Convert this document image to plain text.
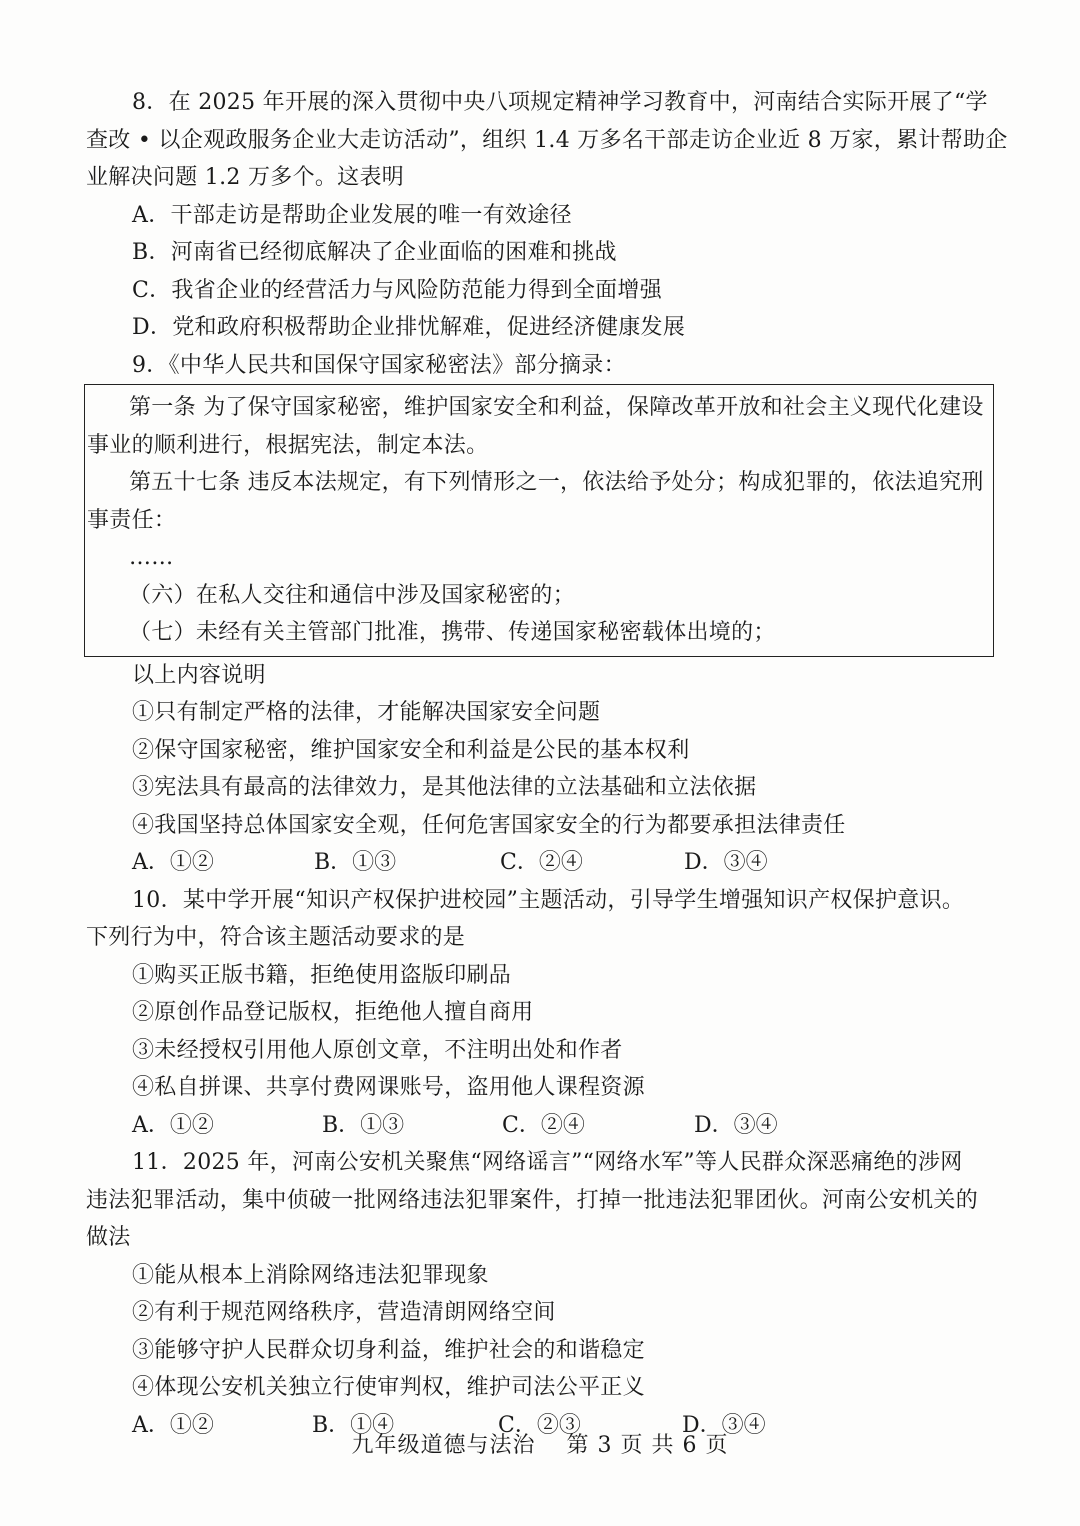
8．在 2025 年开展的深入贯彻中央八项规定精神学习教育中，河南结合实际开展了“学
查改 • 以企观政服务企业大走访活动”，组织 1.4 万多名干部走访企业近 8 万家，累计帮助企
业解决问题 1.2 万多个。这表明
A．干部走访是帮助企业发展的唯一有效途径
B．河南省已经彻底解决了企业面临的困难和挑战
C．我省企业的经营活力与风险防范能力得到全面增强
D．党和政府积极帮助企业排忧解难，促进经济健康发展
9．《中华人民共和国保守国家秘密法》部分摘录：
第一条 为了保守国家秘密，维护国家安全和利益，保障改革开放和社会主义现代化建设
事业的顺利进行，根据宪法，制定本法。
第五十七条 违反本法规定，有下列情形之一，依法给予处分；构成犯罪的，依法追究刑
事责任：
……
（六）在私人交往和通信中涉及国家秘密的；
（七）未经有关主管部门批准，携带、传递国家秘密载体出境的；
以上内容说明
①只有制定严格的法律，才能解决国家安全问题
②保守国家秘密，维护国家安全和利益是公民的基本权利
③宪法具有最高的法律效力，是其他法律的立法基础和立法依据
④我国坚持总体国家安全观，任何危害国家安全的行为都要承担法律责任
A．①②	B．①③	C．②④	D．③④
10．某中学开展“知识产权保护进校园”主题活动，引导学生增强知识产权保护意识。
下列行为中，符合该主题活动要求的是
①购买正版书籍，拒绝使用盗版印刷品
②原创作品登记版权，拒绝他人擅自商用
③未经授权引用他人原创文章，不注明出处和作者
④私自拼课、共享付费网课账号，盗用他人课程资源
A．①②	B．①③	C．②④	D．③④
11．2025 年，河南公安机关聚焦“网络谣言”“网络水军”等人民群众深恶痛绝的涉网
违法犯罪活动，集中侦破一批网络违法犯罪案件，打掉一批违法犯罪团伙。河南公安机关的
做法
①能从根本上消除网络违法犯罪现象
②有利于规范网络秩序，营造清朗网络空间
③能够守护人民群众切身利益，维护社会的和谐稳定
④体现公安机关独立行使审判权，维护司法公平正义
A．①②	B．①④	C．②③	D．③④
九年级道德与法治　 第 3 页 共 6 页
